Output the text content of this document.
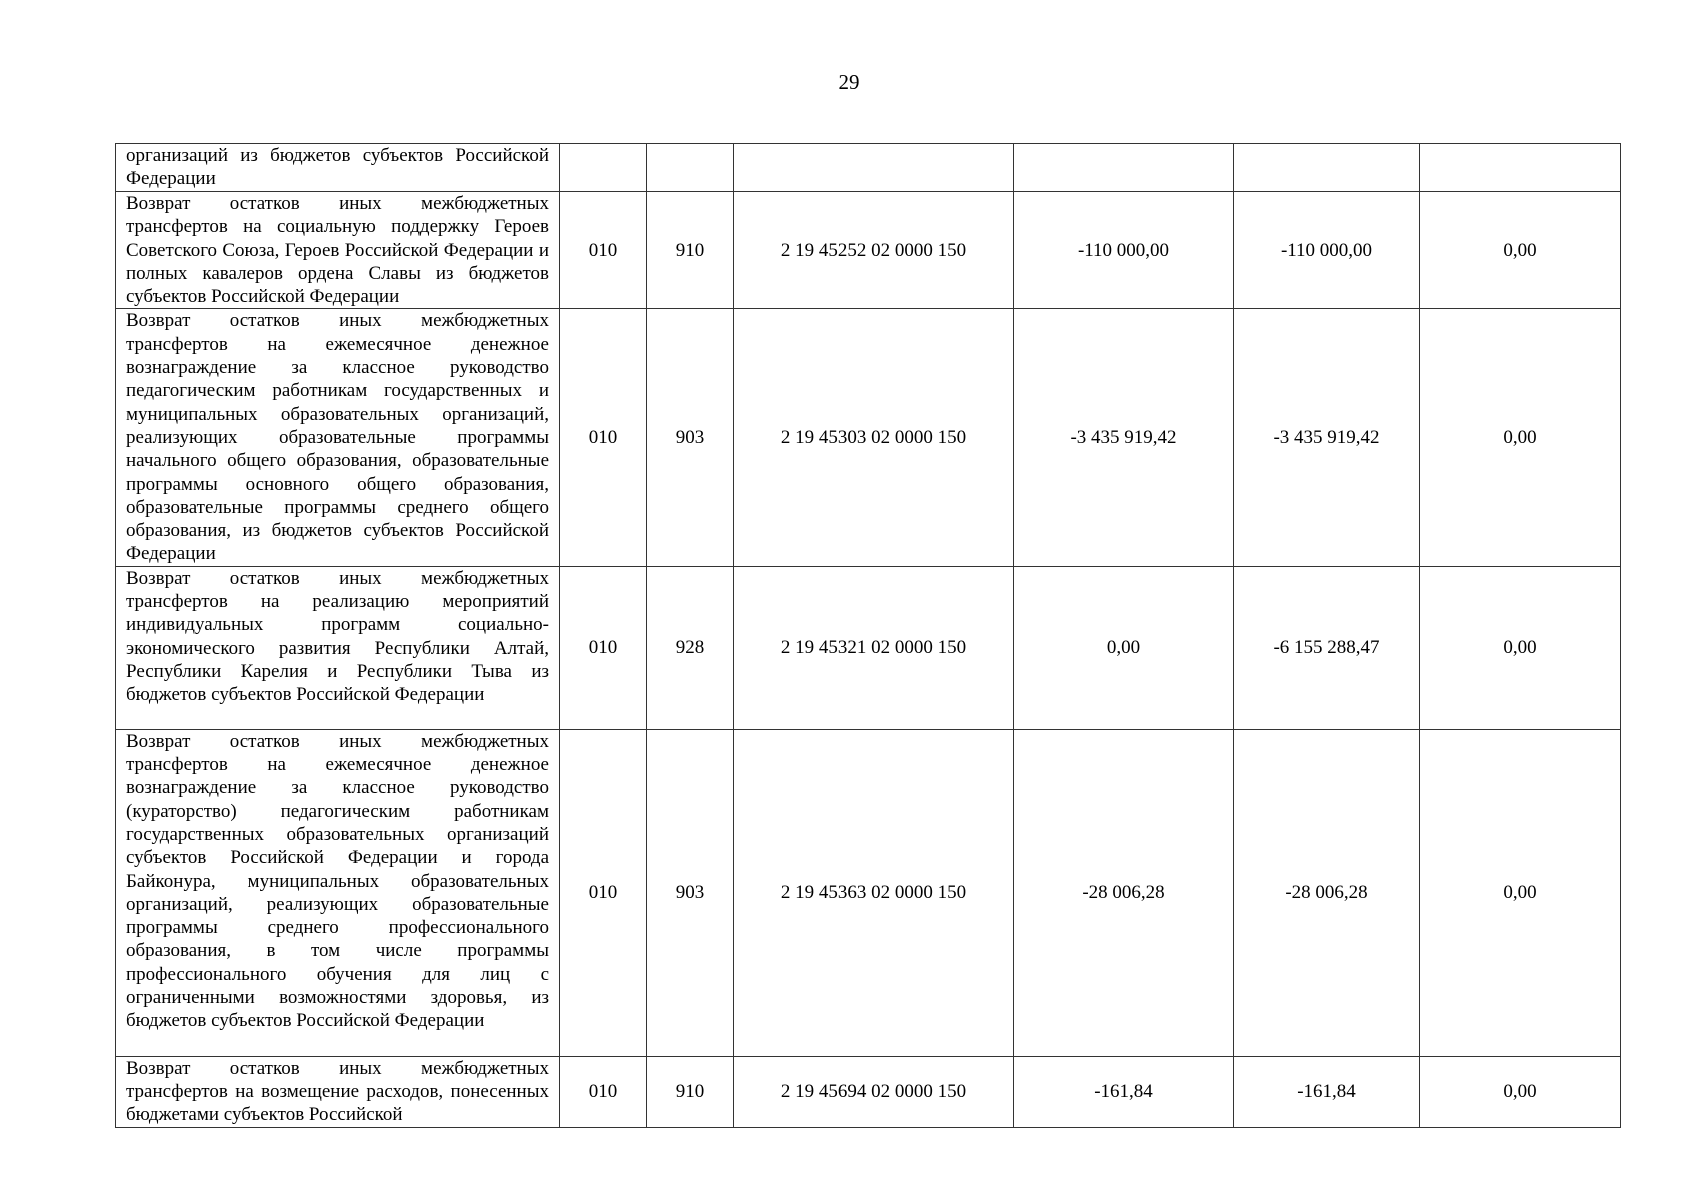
29
организаций из бюджетов субъектов Российской Федерации						
Возврат остатков иных межбюджетных трансфертов на социальную поддержку Героев Советского Союза, Героев Российской Федерации и полных кавалеров ордена Славы из бюджетов субъектов Российской Федерации	010	910	2 19 45252 02 0000 150	-110 000,00	-110 000,00	0,00
Возврат остатков иных межбюджетных трансфертов на ежемесячное денежное вознаграждение за классное руководство педагогическим работникам государственных и муниципальных образовательных организаций, реализующих образовательные программы начального общего образования, образовательные программы основного общего образования, образовательные программы среднего общего образования, из бюджетов субъектов Российской Федерации	010	903	2 19 45303 02 0000 150	-3 435 919,42	-3 435 919,42	0,00
Возврат остатков иных межбюджетных трансфертов на реализацию мероприятий индивидуальных программ социально-экономического развития Республики Алтай, Республики Карелия и Республики Тыва из бюджетов субъектов Российской Федерации	010	928	2 19 45321 02 0000 150	0,00	-6 155 288,47	0,00
Возврат остатков иных межбюджетных трансфертов на ежемесячное денежное вознаграждение за классное руководство (кураторство) педагогическим работникам государственных образовательных организаций субъектов Российской Федерации и города Байконура, муниципальных образовательных организаций, реализующих образовательные программы среднего профессионального образования, в том числе программы профессионального обучения для лиц с ограниченными возможностями здоровья, из бюджетов субъектов Российской Федерации	010	903	2 19 45363 02 0000 150	-28 006,28	-28 006,28	0,00
Возврат остатков иных межбюджетных трансфертов на возмещение расходов, понесенных бюджетами субъектов Российской	010	910	2 19 45694 02 0000 150	-161,84	-161,84	0,00
